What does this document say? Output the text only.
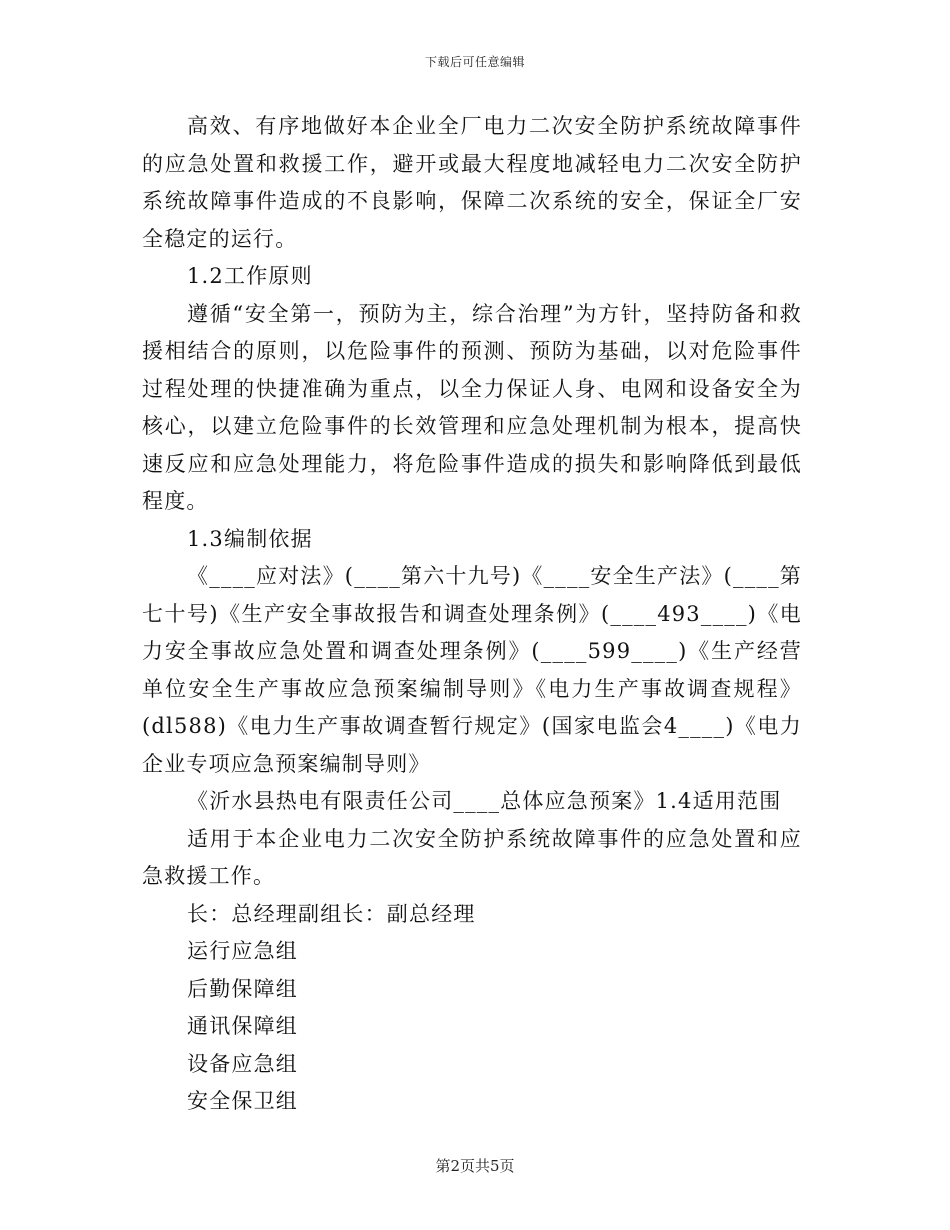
下载后可任意编辑

高效、有序地做好本企业全厂电力二次安全防护系统故障事件的应急处置和救援工作，避开或最大程度地减轻电力二次安全防护系统故障事件造成的不良影响，保障二次系统的安全，保证全厂安全稳定的运行。

1.2工作原则

遵循“安全第一，预防为主，综合治理”为方针，坚持防备和救援相结合的原则，以危险事件的预测、预防为基础，以对危险事件过程处理的快捷准确为重点，以全力保证人身、电网和设备安全为核心，以建立危险事件的长效管理和应急处理机制为根本，提高快速反应和应急处理能力，将危险事件造成的损失和影响降低到最低程度。

1.3编制依据

《____应对法》(____第六十九号)《____安全生产法》(____第七十号)《生产安全事故报告和调查处理条例》(____493____)《电力安全事故应急处置和调查处理条例》(____599____)《生产经营单位安全生产事故应急预案编制导则》《电力生产事故调查规程》(dl588)《电力生产事故调查暂行规定》(国家电监会4____)《电力企业专项应急预案编制导则》

《沂水县热电有限责任公司____总体应急预案》1.4适用范围

适用于本企业电力二次安全防护系统故障事件的应急处置和应急救援工作。

长：总经理副组长：副总经理

运行应急组

后勤保障组

通讯保障组

设备应急组

安全保卫组

第2页共5页
